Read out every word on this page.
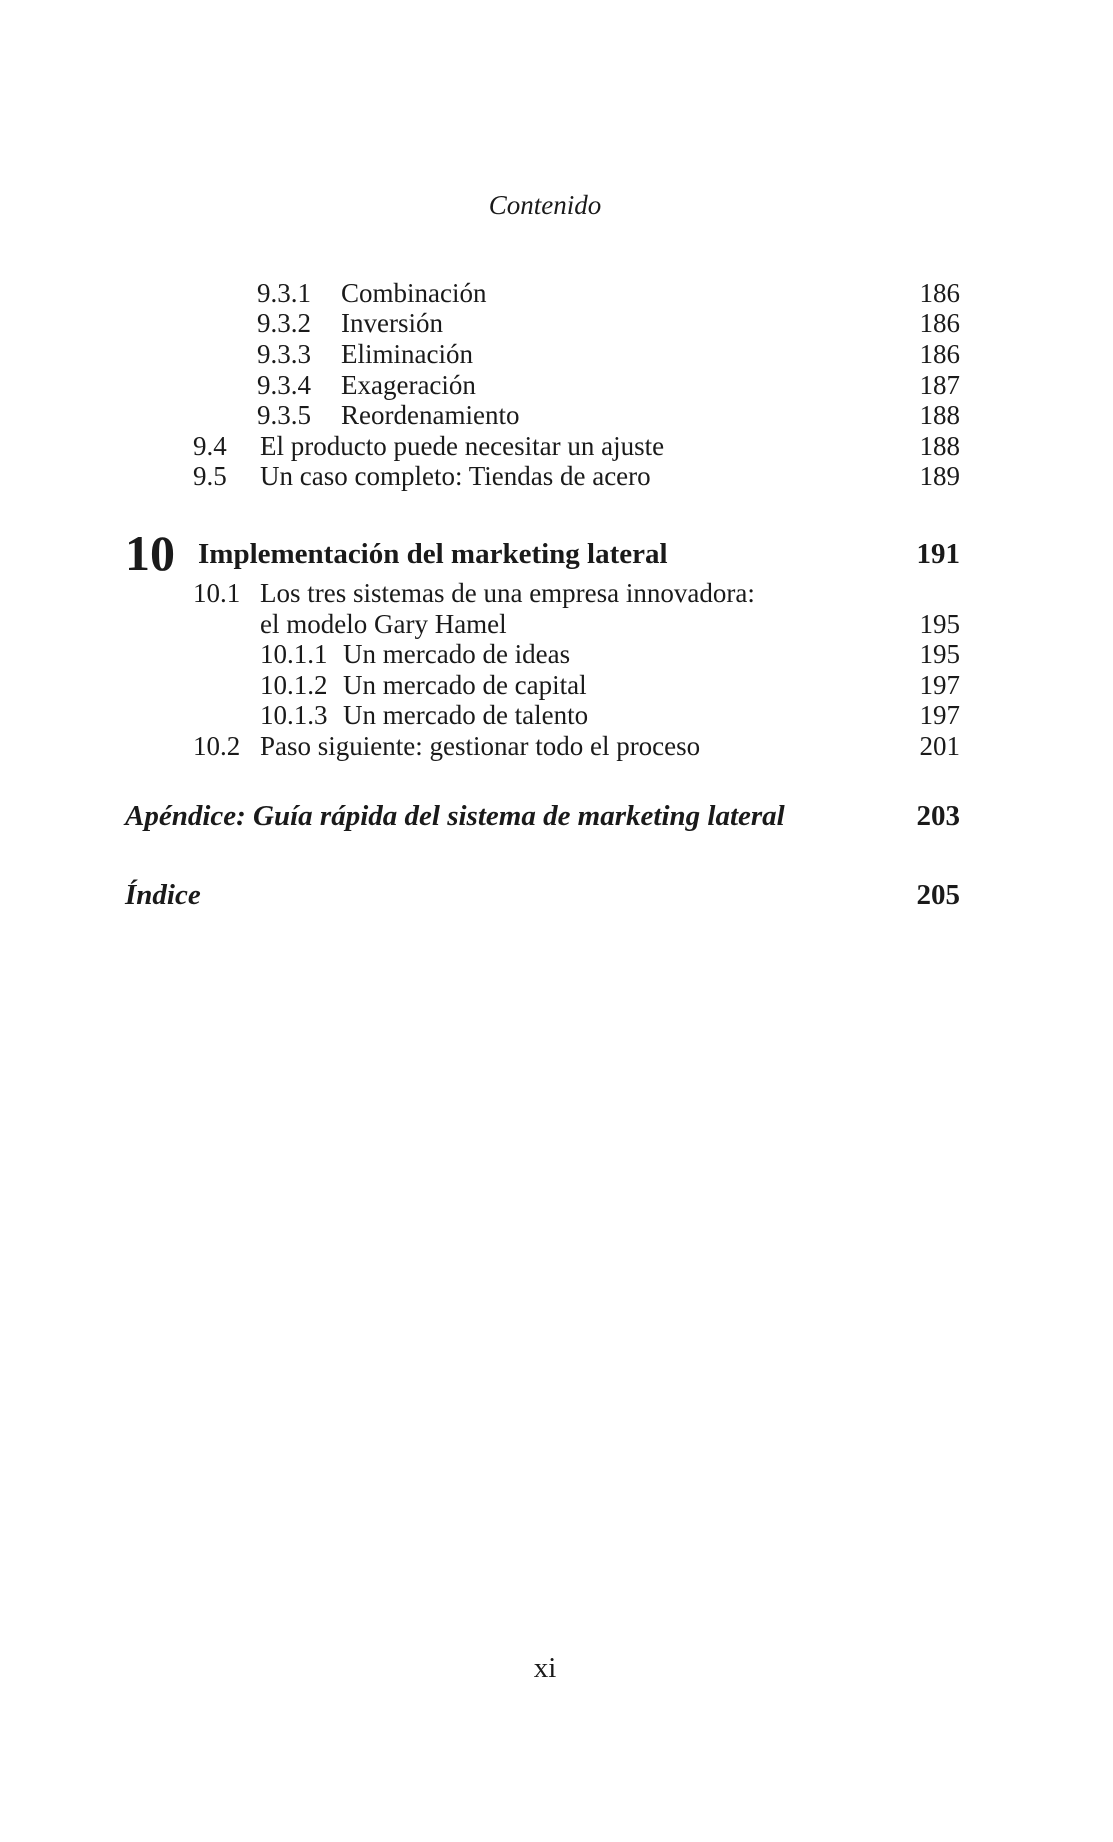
Contenido
9.3.1 Combinación	186
9.3.2 Inversión	186
9.3.3 Eliminación	186
9.3.4 Exageración	187
9.3.5 Reordenamiento	188
9.4 El producto puede necesitar un ajuste	188
9.5 Un caso completo: Tiendas de acero	189
10 Implementación del marketing lateral	191
10.1 Los tres sistemas de una empresa innovadora:
el modelo Gary Hamel	195
10.1.1 Un mercado de ideas	195
10.1.2 Un mercado de capital	197
10.1.3 Un mercado de talento	197
10.2 Paso siguiente: gestionar todo el proceso	201
Apéndice: Guía rápida del sistema de marketing lateral	203
Índice	205
xi
